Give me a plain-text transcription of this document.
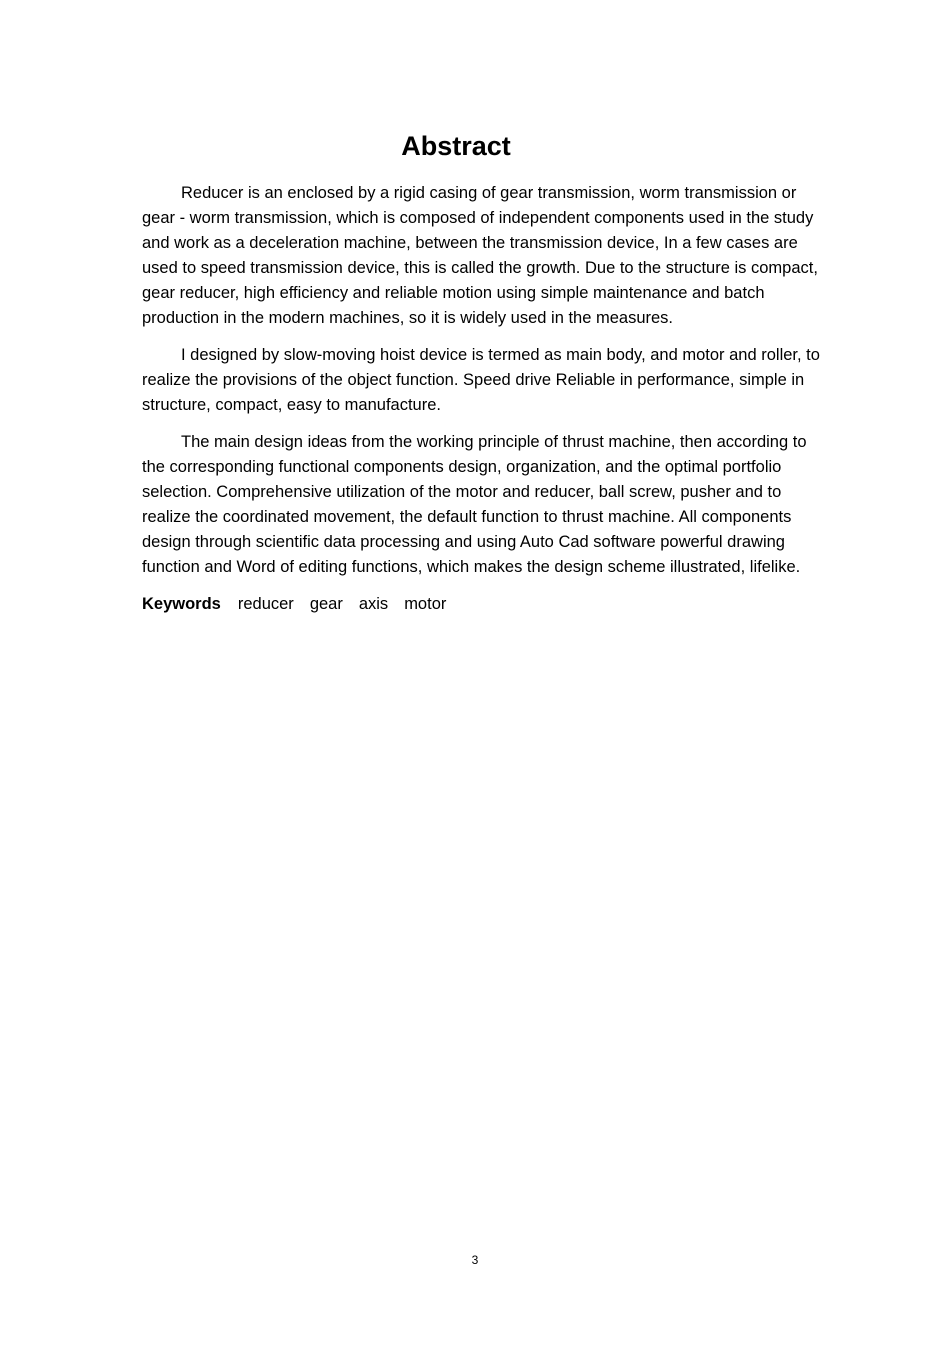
Abstract

Reducer is an enclosed by a rigid casing of gear transmission, worm transmission or gear - worm transmission, which is composed of independent components used in the study and work as a deceleration machine, between the transmission device, In a few cases are used to speed transmission device, this is called the growth. Due to the structure is compact, gear reducer, high efficiency and reliable motion using simple maintenance and batch production in the modern machines, so it is widely used in the measures.

I designed by slow-moving hoist device is termed as main body, and motor and roller, to realize the provisions of the object function. Speed drive Reliable in performance, simple in structure, compact, easy to manufacture.

The main design ideas from the working principle of thrust machine, then according to the corresponding functional components design, organization, and the optimal portfolio selection. Comprehensive utilization of the motor and reducer, ball screw, pusher and to realize the coordinated movement, the default function to thrust machine. All components design through scientific data processing and using Auto Cad software powerful drawing function and Word of editing functions, which makes the design scheme illustrated, lifelike.

Keywords reducer gear axis motor

3
